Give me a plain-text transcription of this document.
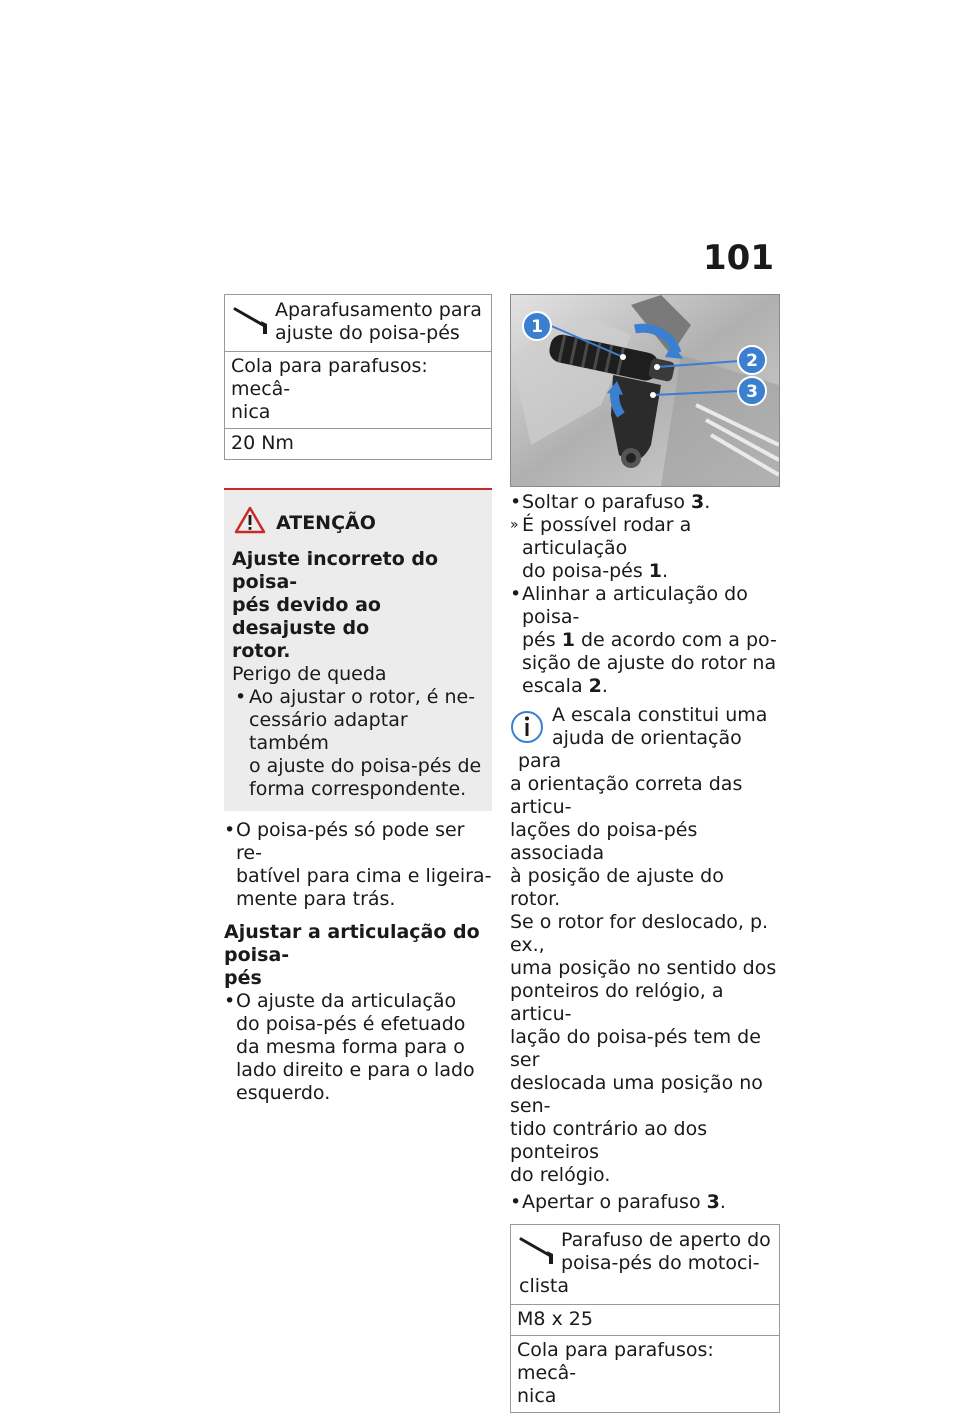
101
Aparafusamento para
ajuste do poisa-pés
Cola para parafusos: mecâ-
nica
20 Nm
ATENÇÃO
Ajuste incorreto do poisa-
pés devido ao desajuste do
rotor.
Perigo de queda
• Ao ajustar o rotor, é ne-
cessário adaptar também
o ajuste do poisa-pés de
forma correspondente.
• O poisa-pés só pode ser re-
batível para cima e ligeira-
mente para trás.
Ajustar a articulação do poisa-
pés
• O ajuste da articulação
do poisa-pés é efetuado
da mesma forma para o
lado direito e para o lado
esquerdo.
1
2
3
• Soltar o parafuso 3.
» É possível rodar a articulação
do poisa-pés 1.
• Alinhar a articulação do poisa-
pés 1 de acordo com a po-
sição de ajuste do rotor na
escala 2.
A escala constitui uma
ajuda de orientação para
a orientação correta das articu-
lações do poisa-pés associada
à posição de ajuste do rotor.
Se o rotor for deslocado, p. ex.,
uma posição no sentido dos
ponteiros do relógio, a articu-
lação do poisa-pés tem de ser
deslocada uma posição no sen-
tido contrário ao dos ponteiros
do relógio.
• Apertar o parafuso 3.
Parafuso de aperto do
poisa-pés do motoci-
clista
M8 x 25
Cola para parafusos: mecâ-
nica
